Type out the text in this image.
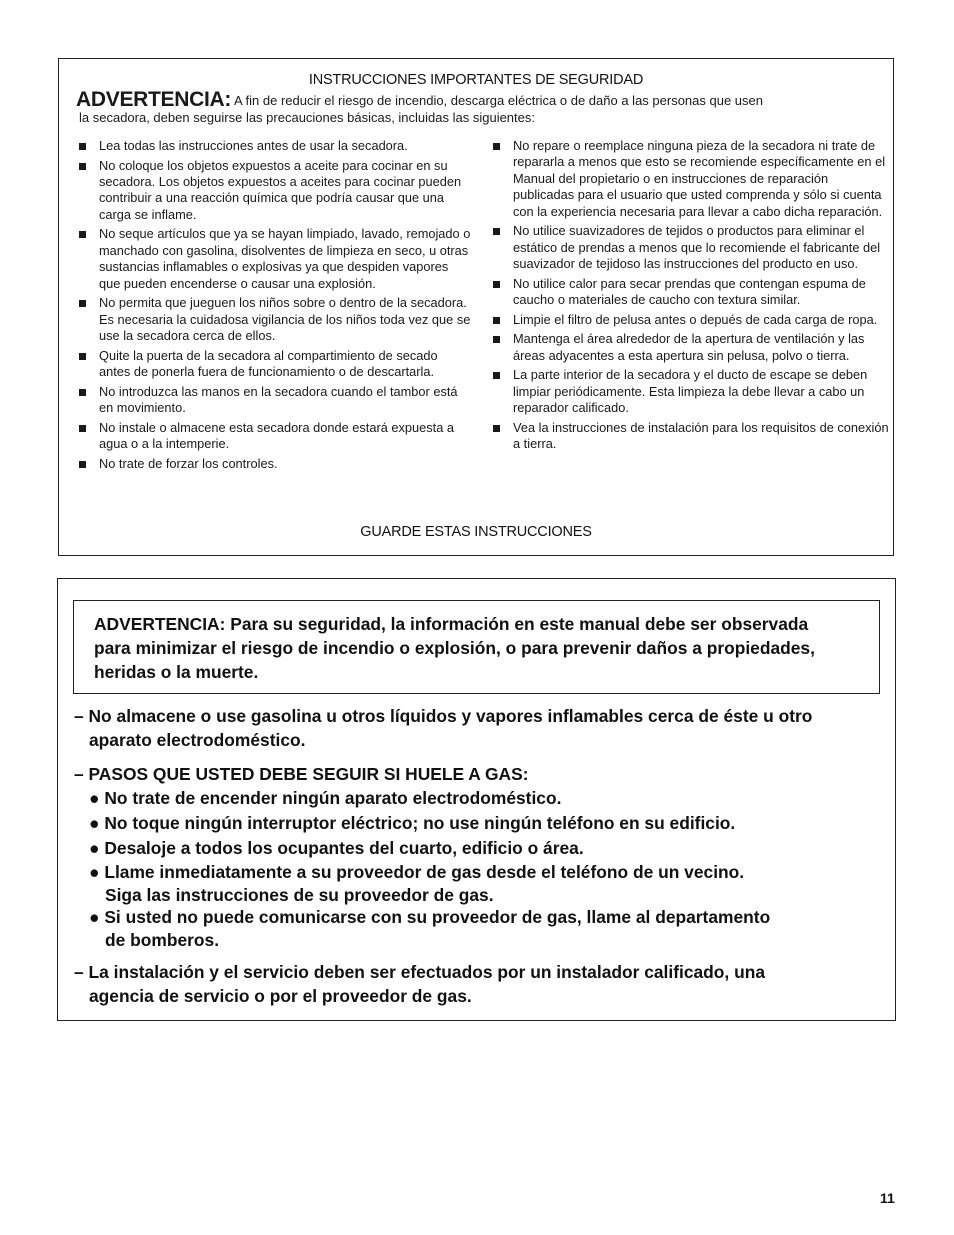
INSTRUCCIONES IMPORTANTES DE SEGURIDAD
ADVERTENCIA: A fin de reducir el riesgo de incendio, descarga eléctrica o de daño a las personas que usen
la secadora, deben seguirse las precauciones básicas, incluidas las siguientes:
Lea todas las instrucciones antes de usar la secadora.
No coloque los objetos expuestos a aceite para cocinar en su secadora. Los objetos expuestos a aceites para cocinar pueden contribuir a una reacción química que podría causar que una carga se inflame.
No seque artículos que ya se hayan limpiado, lavado, remojado o manchado con gasolina, disolventes de limpieza en seco, u otras sustancias inflamables o explosivas ya que despiden vapores que pueden encenderse o causar una explosión.
No permita que jueguen los niños sobre o dentro de la secadora. Es necesaria la cuidadosa vigilancia de los niños toda vez que se use la secadora cerca de ellos.
Quite la puerta de la secadora al compartimiento de secado antes de ponerla fuera de funcionamiento o de descartarla.
No introduzca las manos en la secadora cuando el tambor está en movimiento.
No instale o almacene esta secadora donde estará expuesta a agua o a la intemperie.
No trate de forzar los controles.
No repare o reemplace ninguna pieza de la secadora ni trate de repararla a menos que esto se recomiende específicamente en el Manual del propietario o en instrucciones de reparación publicadas para el usuario que usted comprenda y sólo si cuenta con la experiencia necesaria para llevar a cabo dicha reparación.
No utilice suavizadores de tejidos o productos para eliminar el estático de prendas a menos que lo recomiende el fabricante del suavizador de tejidoso las instrucciones del producto en uso.
No utilice calor para secar prendas que contengan espuma de caucho o materiales de caucho con textura similar.
Limpie el filtro de pelusa antes o depués de cada carga de ropa.
Mantenga el área alrededor de la apertura de ventilación y las áreas adyacentes a esta apertura sin pelusa, polvo o tierra.
La parte interior de la secadora y el ducto de escape se deben limpiar periódicamente. Esta limpieza la debe llevar a cabo un reparador calificado.
Vea la instrucciones de instalación para los requisitos de conexión a tierra.
GUARDE ESTAS INSTRUCCIONES
ADVERTENCIA: Para su seguridad, la información en este manual debe ser observada
para minimizar el riesgo de incendio o explosión, o para prevenir daños a propiedades,
heridas o la muerte.
– No almacene o use gasolina u otros líquidos y vapores inflamables cerca de éste u otro
aparato electrodoméstico.
– PASOS QUE USTED DEBE SEGUIR SI HUELE A GAS:
● No trate de encender ningún aparato electrodoméstico.
● No toque ningún interruptor eléctrico; no use ningún teléfono en su edificio.
● Desaloje a todos los ocupantes del cuarto, edificio o área.
● Llame inmediatamente a su proveedor de gas desde el teléfono de un vecino.
Siga las instrucciones de su proveedor de gas.
● Si usted no puede comunicarse con su proveedor de gas, llame al departamento
de bomberos.
– La instalación y el servicio deben ser efectuados por un instalador calificado, una
agencia de servicio o por el proveedor de gas.
11
